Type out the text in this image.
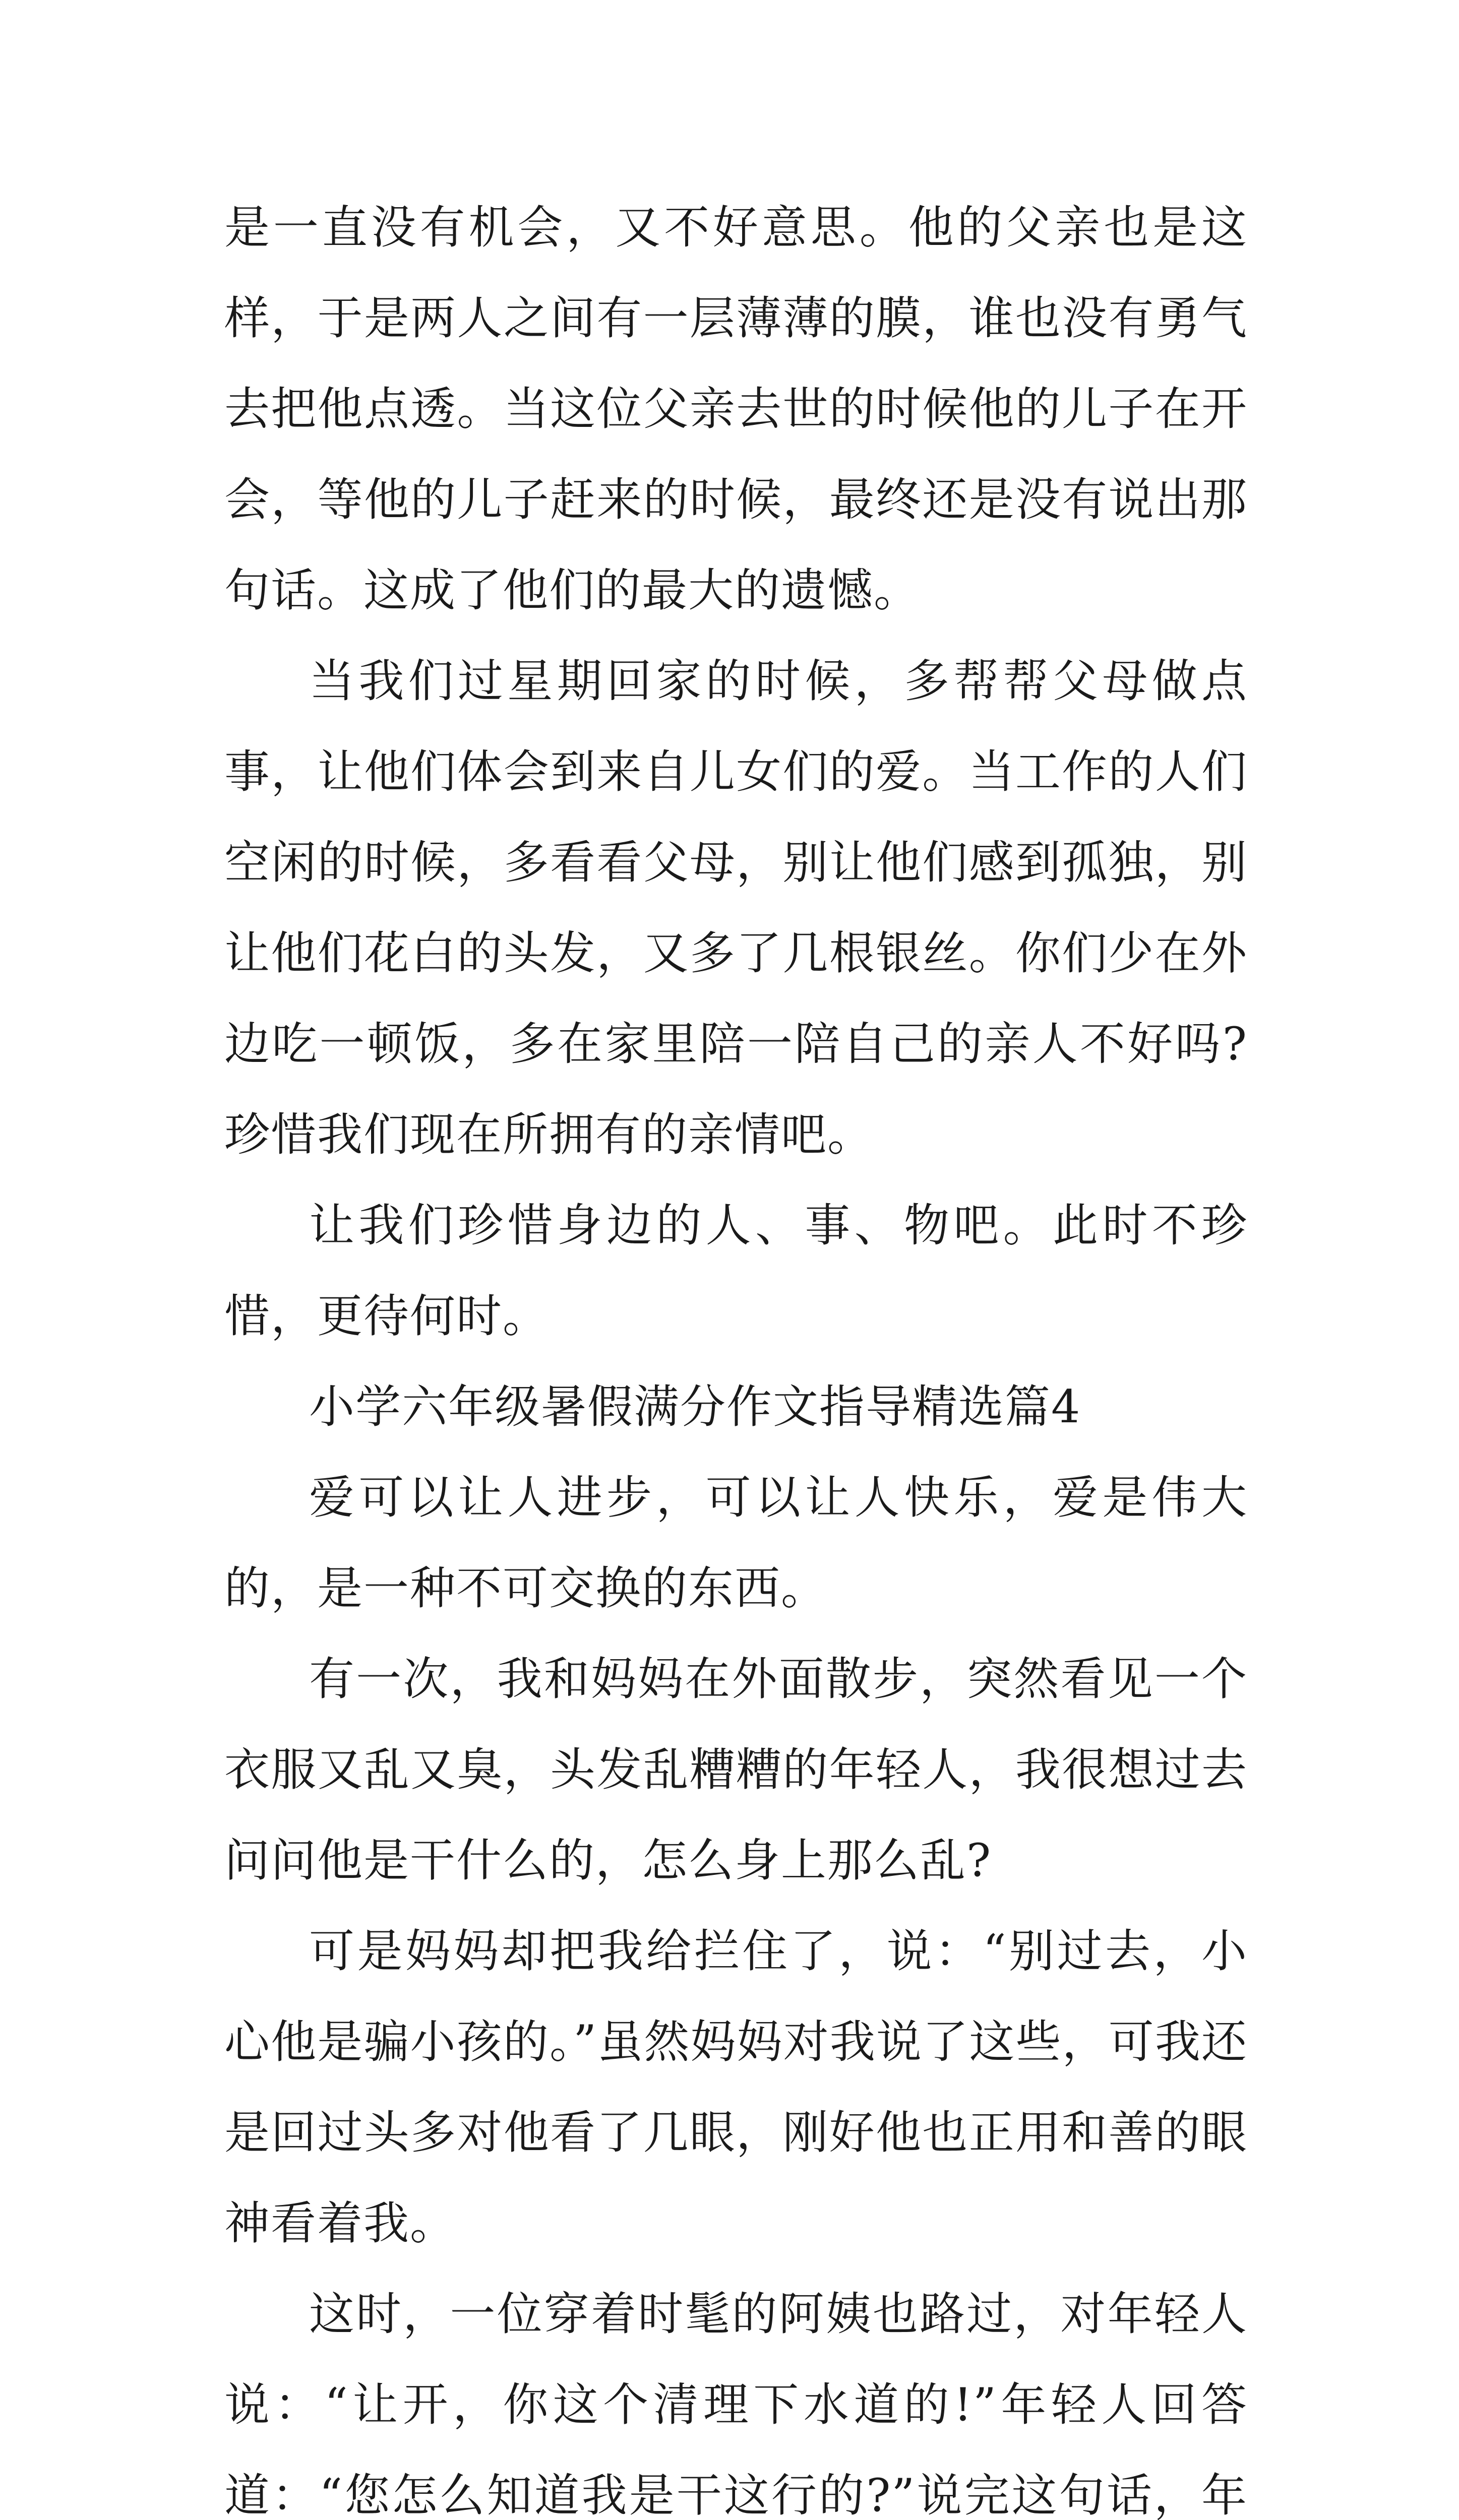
是一直没有机会，又不好意思。他的父亲也是这样，于是两人之间有一层薄薄的膜，谁也没有勇气去把他点透。当这位父亲去世的时候他的儿子在开会，等他的儿子赶来的时候，最终还是没有说出那句话。这成了他们的最大的遗憾。

当我们过星期回家的时候，多帮帮父母做点事，让他们体会到来自儿女们的爱。当工作的人们空闲的时候，多看看父母，别让他们感到孤独，别让他们花白的头发，又多了几根银丝。你们少在外边吃一顿饭，多在家里陪一陪自己的亲人不好吗?珍惜我们现在所拥有的亲情吧。

让我们珍惜身边的人、事、物吧。此时不珍惜，更待何时。

小学六年级暑假满分作文指导精选篇4

爱可以让人进步，可以让人快乐，爱是伟大的，是一种不可交换的东西。

有一次，我和妈妈在外面散步，突然看见一个衣服又乱又臭，头发乱糟糟的年轻人，我很想过去问问他是干什么的，怎么身上那么乱?

可是妈妈却把我给拦住了，说：“别过去，小心他是骗小孩的。”虽然妈妈对我说了这些，可我还是回过头多对他看了几眼，刚好他也正用和善的眼神看着我。

这时，一位穿着时髦的阿姨也路过，对年轻人说：“让开，你这个清理下水道的!”年轻人回答道：“您怎么知道我是干这行的?”说完这句话，年
